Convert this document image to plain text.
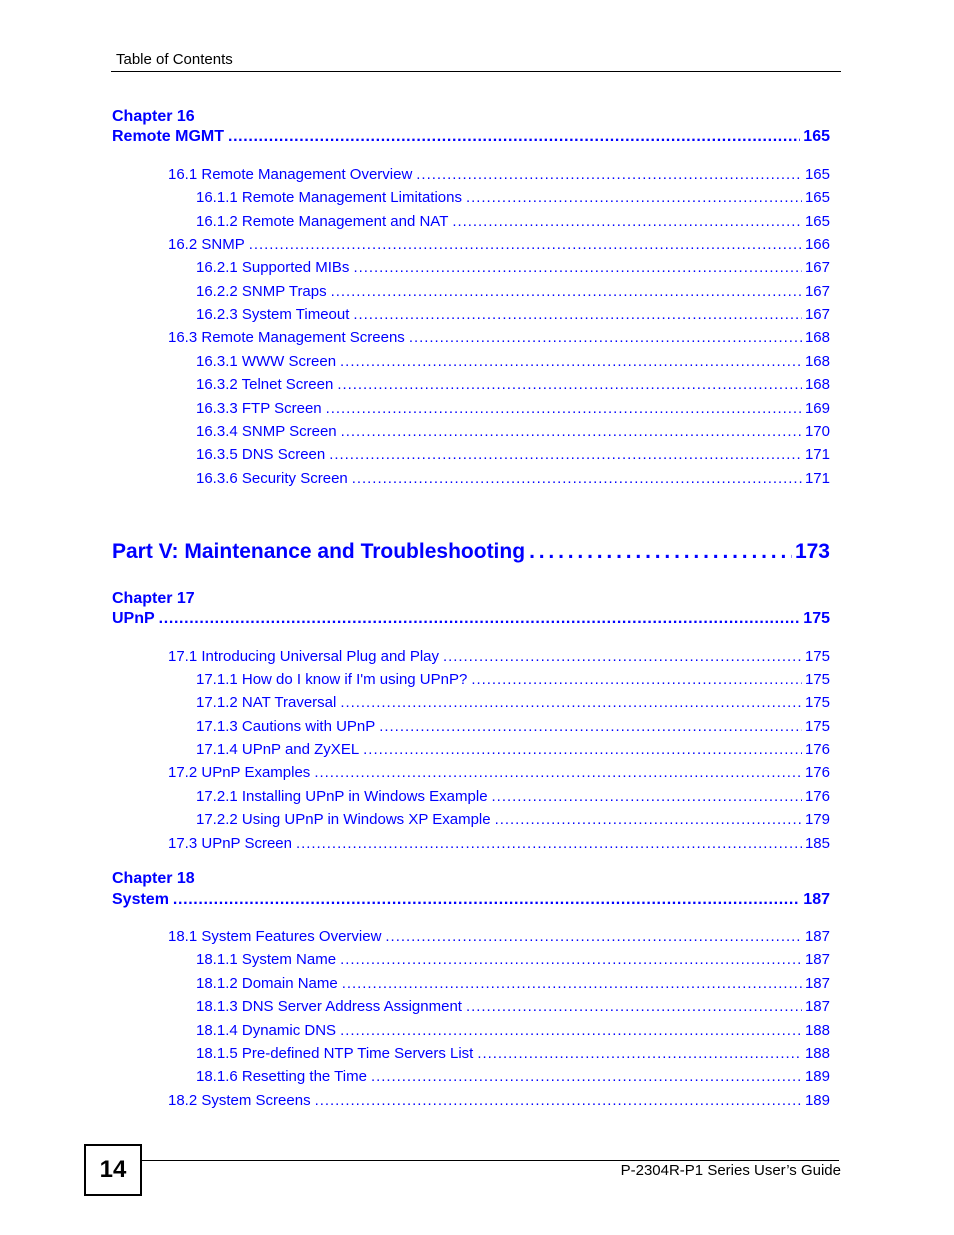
Table of Contents
Chapter 16
Remote MGMT . . .	165
16.1 Remote Management Overview . . .	165
16.1.1 Remote Management Limitations . . .	165
16.1.2 Remote Management and NAT . . .	165
16.2 SNMP . . .	166
16.2.1 Supported MIBs . . .	167
16.2.2 SNMP Traps . . .	167
16.2.3 System Timeout . . .	167
16.3 Remote Management Screens . . .	168
16.3.1 WWW Screen . . .	168
16.3.2 Telnet Screen . . .	168
16.3.3 FTP Screen . . .	169
16.3.4 SNMP Screen . . .	170
16.3.5 DNS Screen . . .	171
16.3.6 Security Screen . . .	171
Part V: Maintenance and Troubleshooting . . .	173
Chapter 17
UPnP . . .	175
17.1 Introducing Universal Plug and Play . . .	175
17.1.1 How do I know if I'm using UPnP? . . .	175
17.1.2 NAT Traversal . . .	175
17.1.3 Cautions with UPnP . . .	175
17.1.4 UPnP and ZyXEL . . .	176
17.2 UPnP Examples . . .	176
17.2.1 Installing UPnP in Windows Example . . .	176
17.2.2 Using UPnP in Windows XP Example . . .	179
17.3 UPnP Screen . . .	185
Chapter 18
System . . .	187
18.1 System Features Overview . . .	187
18.1.1 System Name . . .	187
18.1.2 Domain Name . . .	187
18.1.3 DNS Server Address Assignment . . .	187
18.1.4 Dynamic DNS . . .	188
18.1.5 Pre-defined NTP Time Servers List . . .	188
18.1.6 Resetting the Time . . .	189
18.2 System Screens . . .	189
14	P-2304R-P1 Series User’s Guide
